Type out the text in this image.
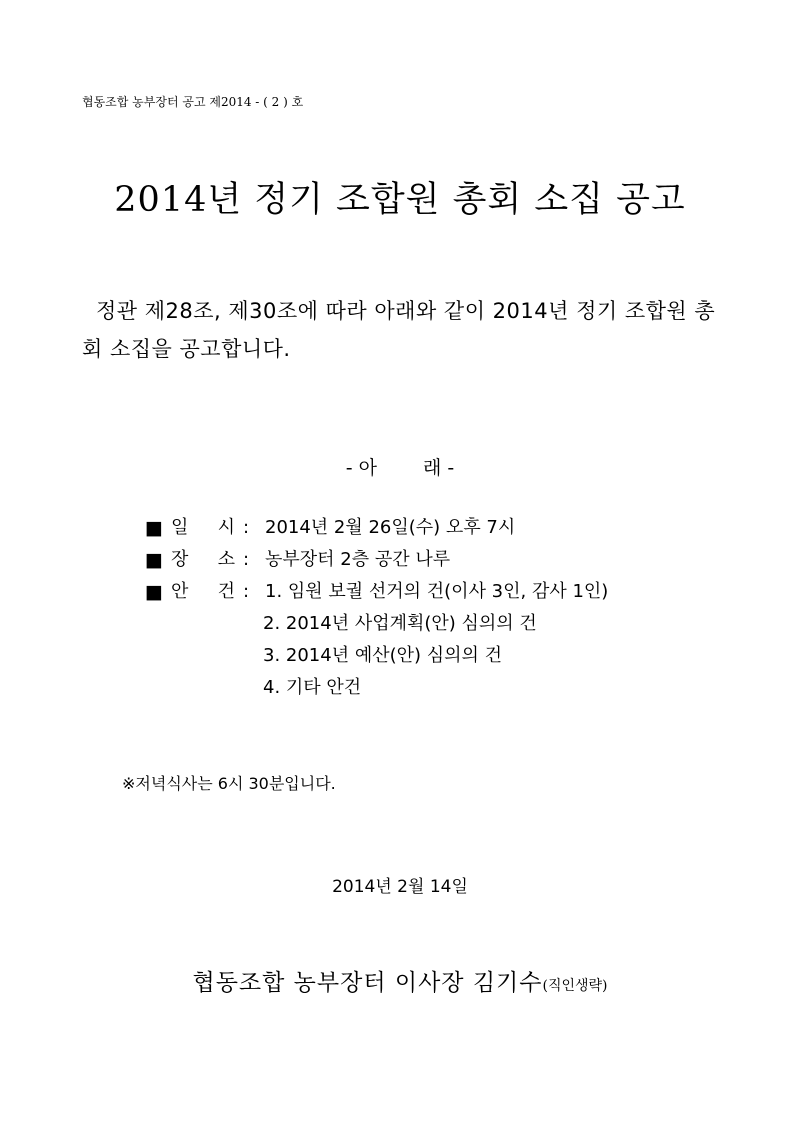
협동조합 농부장터 공고 제2014 - ( 2 ) 호
2014년 정기 조합원 총회 소집 공고
정관 제28조, 제30조에 따라 아래와 같이 2014년 정기 조합원 총회 소집을 공고합니다.
- 아 래 -
■ 일 시 : 2014년 2월 26일(수) 오후 7시
■ 장 소 : 농부장터 2층 공간 나루
■ 안 건 : 1. 임원 보궐 선거의 건(이사 3인, 감사 1인)
2. 2014년 사업계획(안) 심의의 건
3. 2014년 예산(안) 심의의 건
4. 기타 안건
※저녁식사는 6시 30분입니다.
2014년 2월 14일
협동조합 농부장터 이사장 김기수(직인생략)
